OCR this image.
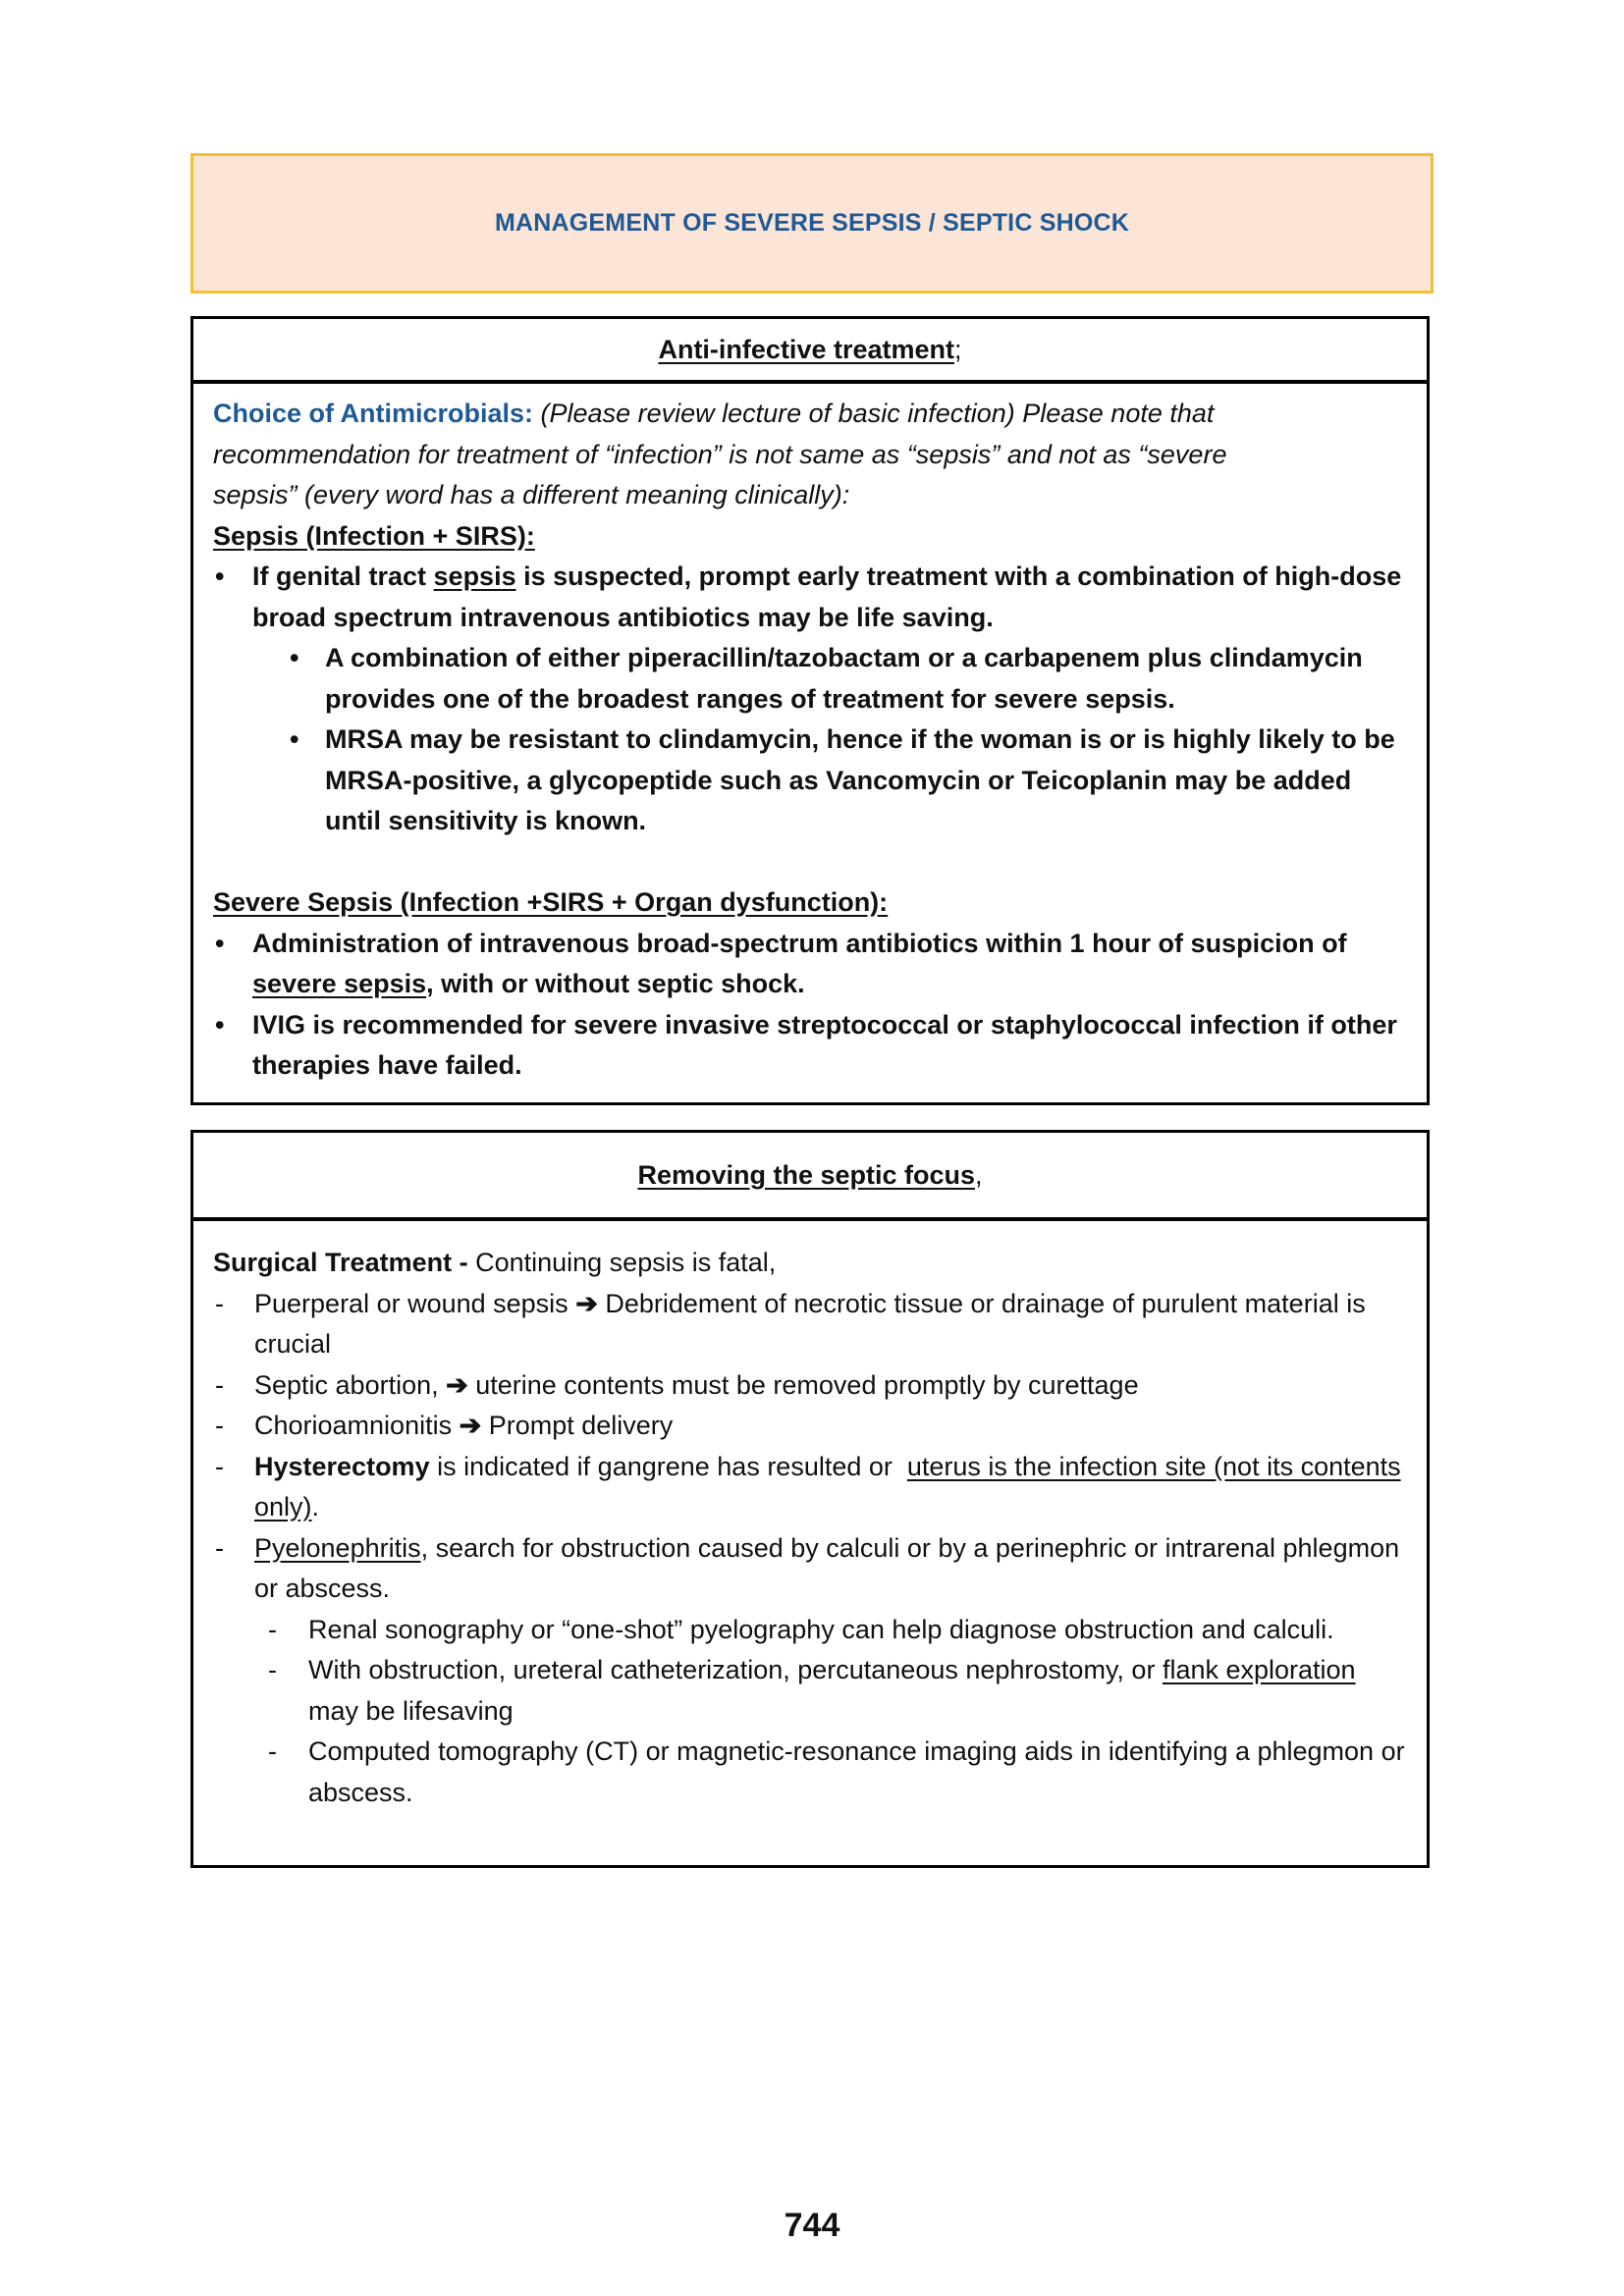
MANAGEMENT OF SEVERE SEPSIS / SEPTIC SHOCK
Anti-infective treatment ;

Choice of Antimicrobials: (Please review lecture of basic infection) Please note that
recommendation for treatment of “infection” is not same as “sepsis” and not as “severe
sepsis” (every word has a different meaning clinically):

Sepsis (Infection + SIRS):

•	If genital tract sepsis is suspected, prompt early treatment with a combination of high-dose broad spectrum intravenous antibiotics may be life saving.
• A combination of either piperacillin/tazobactam or a carbapenem plus clindamycin provides one of the broadest ranges of treatment for severe sepsis.
• MRSA may be resistant to clindamycin, hence if the woman is or is highly likely to be MRSA-positive, a glycopeptide such as Vancomycin or Teicoplanin may be added until sensitivity is known.

Severe Sepsis (Infection +SIRS + Organ dysfunction):

•	Administration of intravenous broad-spectrum antibiotics within 1 hour of suspicion of severe sepsis, with or without septic shock.
•	IVIG is recommended for severe invasive streptococcal or staphylococcal infection if other therapies have failed.
Removing the septic focus ,

Surgical Treatment - Continuing sepsis is fatal,

-	Puerperal or wound sepsis ➔ Debridement of necrotic tissue or drainage of purulent material is crucial
-	Septic abortion, ➔ uterine contents must be removed promptly by curettage
-	Chorioamnionitis ➔ Prompt delivery
-	Hysterectomy is indicated if gangrene has resulted or  uterus is the infection site (not its contents only).
-	Pyelonephritis, search for obstruction caused by calculi or by a perinephric or intrarenal phlegmon or abscess.
-	Renal sonography or “one-shot” pyelography can help diagnose obstruction and calculi.
-	With obstruction, ureteral catheterization, percutaneous nephrostomy, or flank exploration may be lifesaving
-	Computed tomography (CT) or magnetic-resonance imaging aids in identifying a phlegmon or abscess.
744
